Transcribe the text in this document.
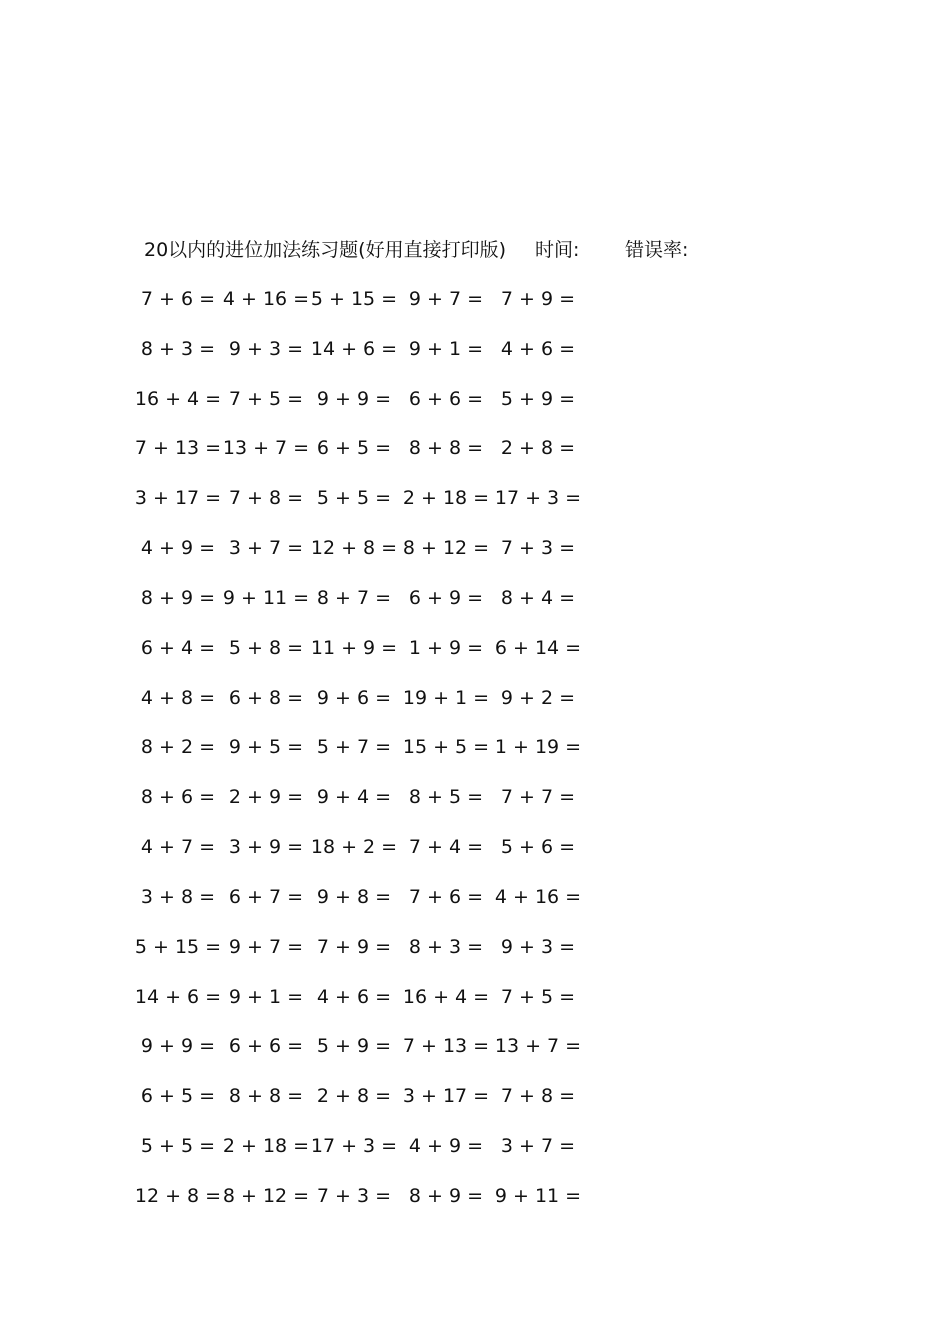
20以内的进位加法练习题(好用直接打印版) 时间: 错误率:
7 + 6 = 4 + 16 = 5 + 15 = 9 + 7 = 7 + 9 =
8 + 3 = 9 + 3 = 14 + 6 = 9 + 1 = 4 + 6 =
16 + 4 = 7 + 5 = 9 + 9 = 6 + 6 = 5 + 9 =
7 + 13 = 13 + 7 = 6 + 5 = 8 + 8 = 2 + 8 =
3 + 17 = 7 + 8 = 5 + 5 = 2 + 18 = 17 + 3 =
4 + 9 = 3 + 7 = 12 + 8 = 8 + 12 = 7 + 3 =
8 + 9 = 9 + 11 = 8 + 7 = 6 + 9 = 8 + 4 =
6 + 4 = 5 + 8 = 11 + 9 = 1 + 9 = 6 + 14 =
4 + 8 = 6 + 8 = 9 + 6 = 19 + 1 = 9 + 2 =
8 + 2 = 9 + 5 = 5 + 7 = 15 + 5 = 1 + 19 =
8 + 6 = 2 + 9 = 9 + 4 = 8 + 5 = 7 + 7 =
4 + 7 = 3 + 9 = 18 + 2 = 7 + 4 = 5 + 6 =
3 + 8 = 6 + 7 = 9 + 8 = 7 + 6 = 4 + 16 =
5 + 15 = 9 + 7 = 7 + 9 = 8 + 3 = 9 + 3 =
14 + 6 = 9 + 1 = 4 + 6 = 16 + 4 = 7 + 5 =
9 + 9 = 6 + 6 = 5 + 9 = 7 + 13 = 13 + 7 =
6 + 5 = 8 + 8 = 2 + 8 = 3 + 17 = 7 + 8 =
5 + 5 = 2 + 18 = 17 + 3 = 4 + 9 = 3 + 7 =
12 + 8 = 8 + 12 = 7 + 3 = 8 + 9 = 9 + 11 =
